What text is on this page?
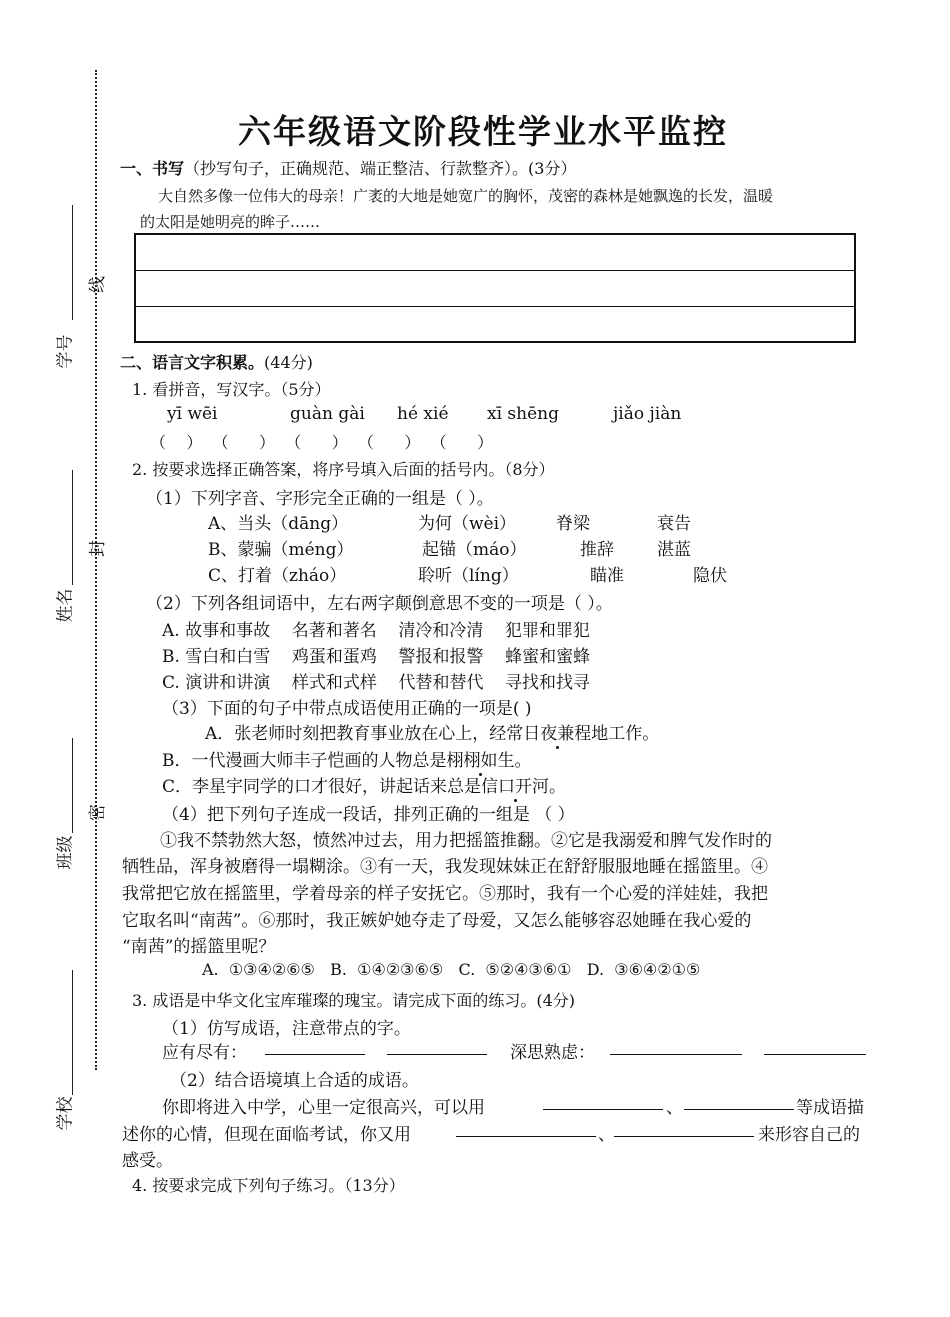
线
封
密
学号
姓名
班级
学校
六年级语文阶段性学业水平监控
一、书写（抄写句子，正确规范、端正整洁、行款整齐）。(3分）
大自然多像一位伟大的母亲！广袤的大地是她宽广的胸怀，茂密的森林是她飘逸的长发，温暖
的太阳是她明亮的眸子……
二、语言文字积累。(44分)
1. 看拼音，写汉字。（5分）
yī wēi	guàn gài hé xié xī shēng	jiǎo jiàn
（    ）  （      ）  （      ）  （      ）  （      ）
2. 按要求选择正确答案，将序号填入后面的括号内。（8分）
（1）下列字音、字形完全正确的一组是（ ）。
A、当头（dāng）	为何（wèi） 脊梁	衰告
B、蒙骗（méng）	起锚（máo）	推辞	湛蓝
C、打着（zháo）	聆听（líng）	瞄准	隐伏
（2）下列各组词语中，左右两字颠倒意思不变的一项是（ ）。
A. 故事和事故    名著和著名    清冷和冷清    犯罪和罪犯
B. 雪白和白雪    鸡蛋和蛋鸡    警报和报警    蜂蜜和蜜蜂
C. 演讲和讲演    样式和式样    代替和替代    寻找和找寻
（3）下面的句子中带点成语使用正确的一项是( )
A．张老师时刻把教育事业放在心上，经常日夜兼程地工作。
B．一代漫画大师丰子恺画的人物总是栩栩如生。
C．李星宇同学的口才很好，讲起话来总是信口开河。
（4）把下列句子连成一段话，排列正确的一组是 （ ）
①我不禁勃然大怒，愤然冲过去，用力把摇篮推翻。②它是我溺爱和脾气发作时的
牺牲品，浑身被磨得一塌糊涂。③有一天，我发现妹妹正在舒舒服服地睡在摇篮里。④
我常把它放在摇篮里，学着母亲的样子安抚它。⑤那时，我有一个心爱的洋娃娃，我把
它取名叫“南茜”。⑥那时，我正嫉妒她夺走了母爱，又怎么能够容忍她睡在我心爱的
“南茜”的摇篮里呢？
A.  ①③④②⑥⑤   B.  ①④②③⑥⑤   C.  ⑤②④③⑥①   D.  ③⑥④②①⑤
3. 成语是中华文化宝库璀璨的瑰宝。请完成下面的练习。(4分)
（1）仿写成语，注意带点的字。
应有尽有：	深思熟虑：
（2）结合语境填上合适的成语。
你即将进入中学，心里一定很高兴，可以用	、	等成语描
述你的心情，但现在面临考试，你又用	、	来形容自己的
感受。
4. 按要求完成下列句子练习。（13分）
